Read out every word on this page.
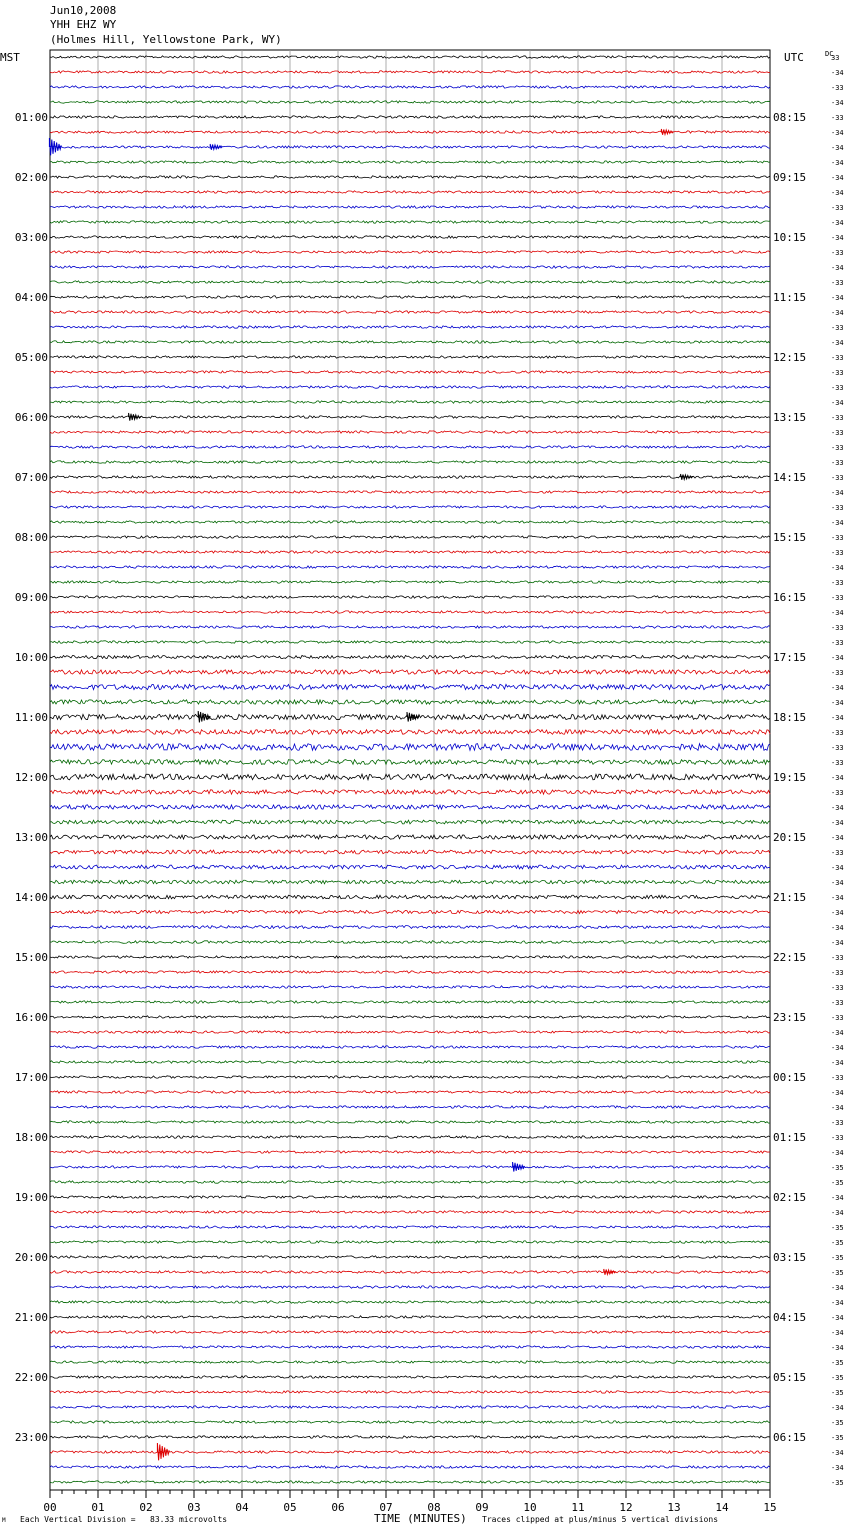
Jun10,2008
YHH EHZ WY
(Holmes Hill, Yellowstone Park, WY)
MST	UTC	DC
01:00
02:00
03:00
04:00
05:00
06:00
07:00
08:00
09:00
10:00
11:00
12:00
13:00
14:00
15:00
16:00
17:00
18:00
19:00
20:00
21:00
22:00
23:00
08:15
09:15
10:15
11:15
12:15
13:15
14:15
15:15
16:15
17:15
18:15
19:15
20:15
21:15
22:15
23:15
00:15
01:15
02:15
03:15
04:15
05:15
06:15
33
-34
-33
-34
-33
-34
-34
-34
-34
-34
-33
-34
-34
-33
-34
-33
-34
-34
-33
-34
-33
-33
-33
-34
-33
-33
-33
-33
-33
-34
-33
-34
-33
-33
-34
-33
-33
-34
-33
-33
-34
-33
-34
-34
-34
-33
-33
-33
-34
-33
-34
-34
-34
-33
-34
-34
-34
-34
-34
-34
-33
-33
-33
-33
-33
-34
-34
-34
-33
-34
-34
-33
-33
-34
-35
-35
-34
-34
-35
-35
-35
-35
-34
-34
-34
-34
-34
-35
-35
-35
-34
-35
-35
-34
-34
-35
00	01	02	03	04	05	06	07	08	09	10	11	12	13	14	15
M Each Vertical Division =   83.33 microvolts	TIME (MINUTES) Traces clipped at plus/minus 5 vertical divisions
